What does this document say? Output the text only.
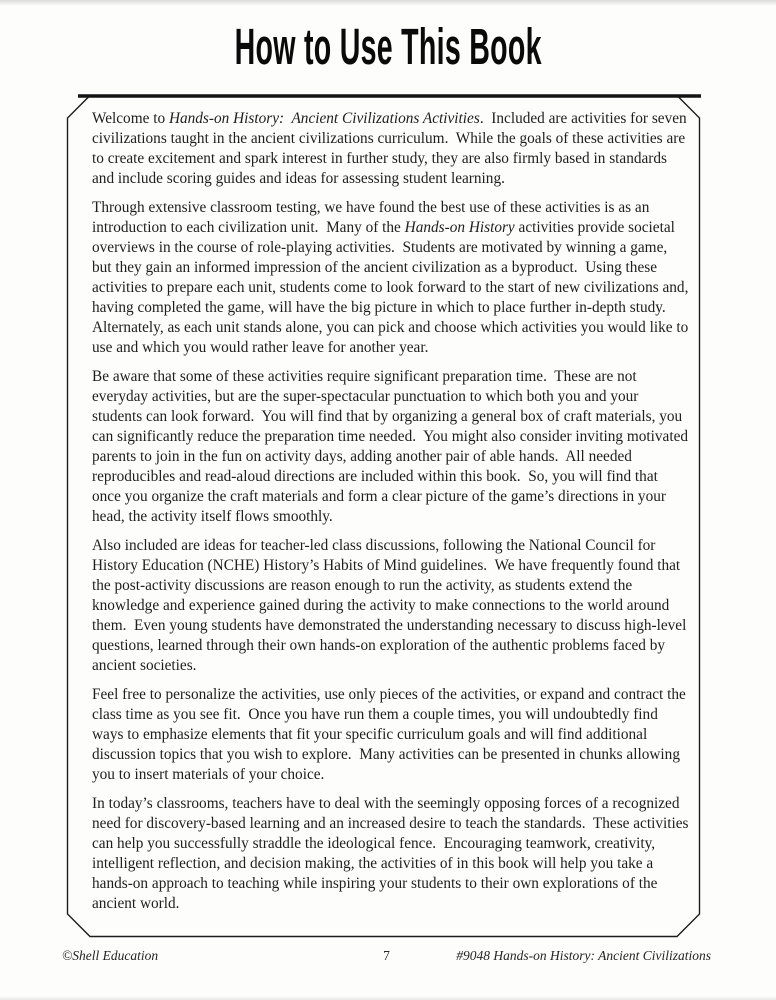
How to Use This Book

Welcome to Hands-on History:  Ancient Civilizations Activities.  Included are activities for seven civilizations taught in the ancient civilizations curriculum.  While the goals of these activities are to create excitement and spark interest in further study, they are also firmly based in standards and include scoring guides and ideas for assessing student learning.

Through extensive classroom testing, we have found the best use of these activities is as an introduction to each civilization unit.  Many of the Hands-on History activities provide societal overviews in the course of role-playing activities.  Students are motivated by winning a game, but they gain an informed impression of the ancient civilization as a byproduct.  Using these activities to prepare each unit, students come to look forward to the start of new civilizations and, having completed the game, will have the big picture in which to place further in-depth study.  Alternately, as each unit stands alone, you can pick and choose which activities you would like to use and which you would rather leave for another year.

Be aware that some of these activities require significant preparation time.  These are not everyday activities, but are the super-spectacular punctuation to which both you and your students can look forward.  You will find that by organizing a general box of craft materials, you can significantly reduce the preparation time needed.  You might also consider inviting motivated parents to join in the fun on activity days, adding another pair of able hands.  All needed reproducibles and read-aloud directions are included within this book.  So, you will find that once you organize the craft materials and form a clear picture of the game’s directions in your head, the activity itself flows smoothly.

Also included are ideas for teacher-led class discussions, following the National Council for History Education (NCHE) History’s Habits of Mind guidelines.  We have frequently found that the post-activity discussions are reason enough to run the activity, as students extend the knowledge and experience gained during the activity to make connections to the world around them.  Even young students have demonstrated the understanding necessary to discuss high-level questions, learned through their own hands-on exploration of the authentic problems faced by ancient societies.

Feel free to personalize the activities, use only pieces of the activities, or expand and contract the class time as you see fit.  Once you have run them a couple times, you will undoubtedly find ways to emphasize elements that fit your specific curriculum goals and will find additional discussion topics that you wish to explore.  Many activities can be presented in chunks allowing you to insert materials of your choice.

In today’s classrooms, teachers have to deal with the seemingly opposing forces of a recognized need for discovery-based learning and an increased desire to teach the standards.  These activities can help you successfully straddle the ideological fence.  Encouraging teamwork, creativity, intelligent reflection, and decision making, the activities of in this book will help you take a hands-on approach to teaching while inspiring your students to their own explorations of the ancient world.

©Shell Education	7	#9048 Hands-on History: Ancient Civilizations
